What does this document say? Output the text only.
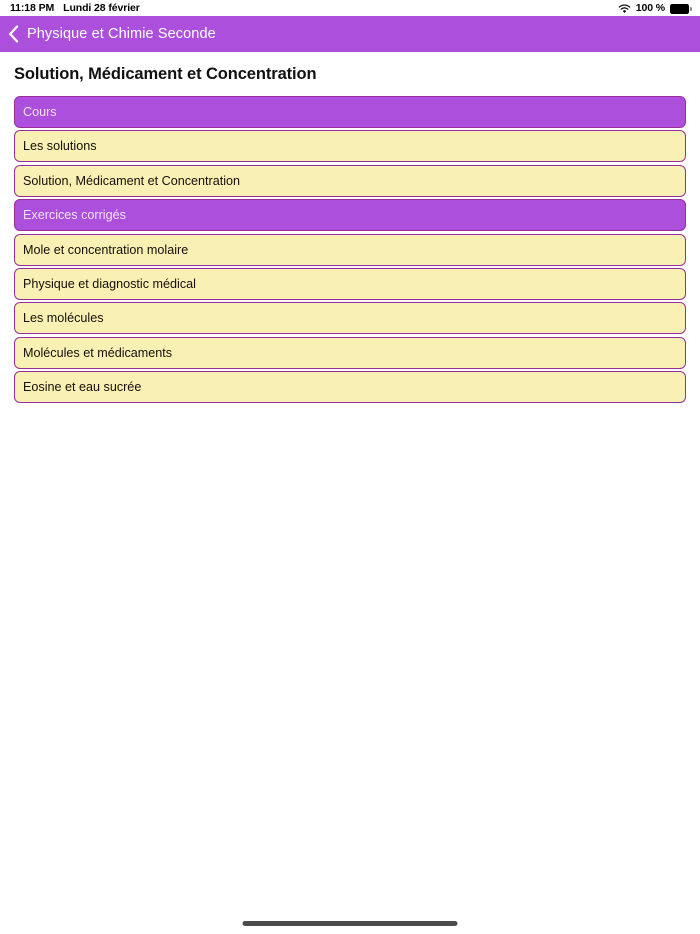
11:18 PM Lundi 28 février	100 %
Physique et Chimie Seconde
Solution, Médicament et Concentration
Cours
Les solutions
Solution, Médicament et Concentration
Exercices corrigés
Mole et concentration molaire
Physique et diagnostic médical
Les molécules
Molécules et médicaments
Eosine et eau sucrée
